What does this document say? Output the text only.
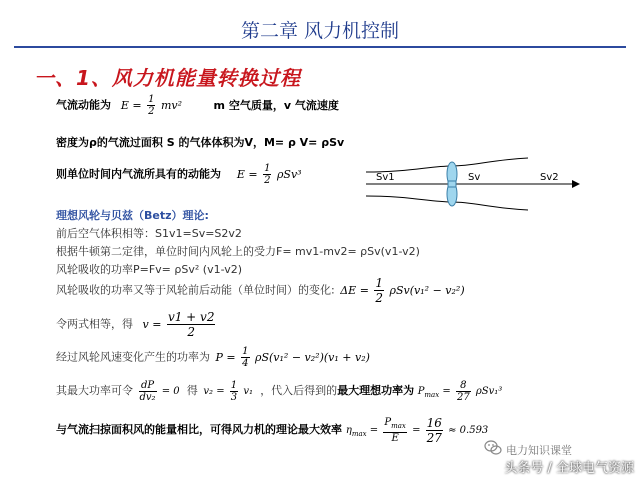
第二章 风力机控制
一、1、风力机能量转换过程
气流动能为 $E = \frac{1}{2} mv^2$	m 空气质量，v 气流速度
密度为ρ的气流过面积 S 的气体体积为V，M= ρ V= ρSv
则单位时间内气流所具有的动能为 $E = \frac{1}{2} \rho Sv^3$	Sv1	Sv	Sv2
理想风轮与贝兹（Betz）理论:
前后空气体积相等：S1v1=Sv=S2v2
根据牛顿第二定律，单位时间内风轮上的受力F= mv1-mv2= ρSv(v1-v2)
风轮吸收的功率P=Fv= ρSv² (v1-v2)
风轮吸收的功率又等于风轮前后动能（单位时间）的变化: $\Delta E = \frac{1}{2} \rho Sv(v_1^2 - v_2^2)$
令两式相等，得 $v = \frac{v1 + v2}{2}$
经过风轮风速变化产生的功率为 $P = \frac{1}{4} \rho S(v_1^2 - v_2^2)(v_1 + v_2)$
其最大功率可令 $\frac{dP}{\text{dv₂}} = 0$ 得 $v_2 = \frac{1}{3} v_1$ ，代入后得到的最大理想功率为 $P_{max} = \frac{8}{27} \rho Sv_1^3$
与气流扫掠面积风的能量相比，可得风力机的理论最大效率 $\eta_{max} = \frac{P_{max}}{E} = \frac{16}{27} \approx 0.593$
电力知识课堂
头条号 / 全球电气资源
